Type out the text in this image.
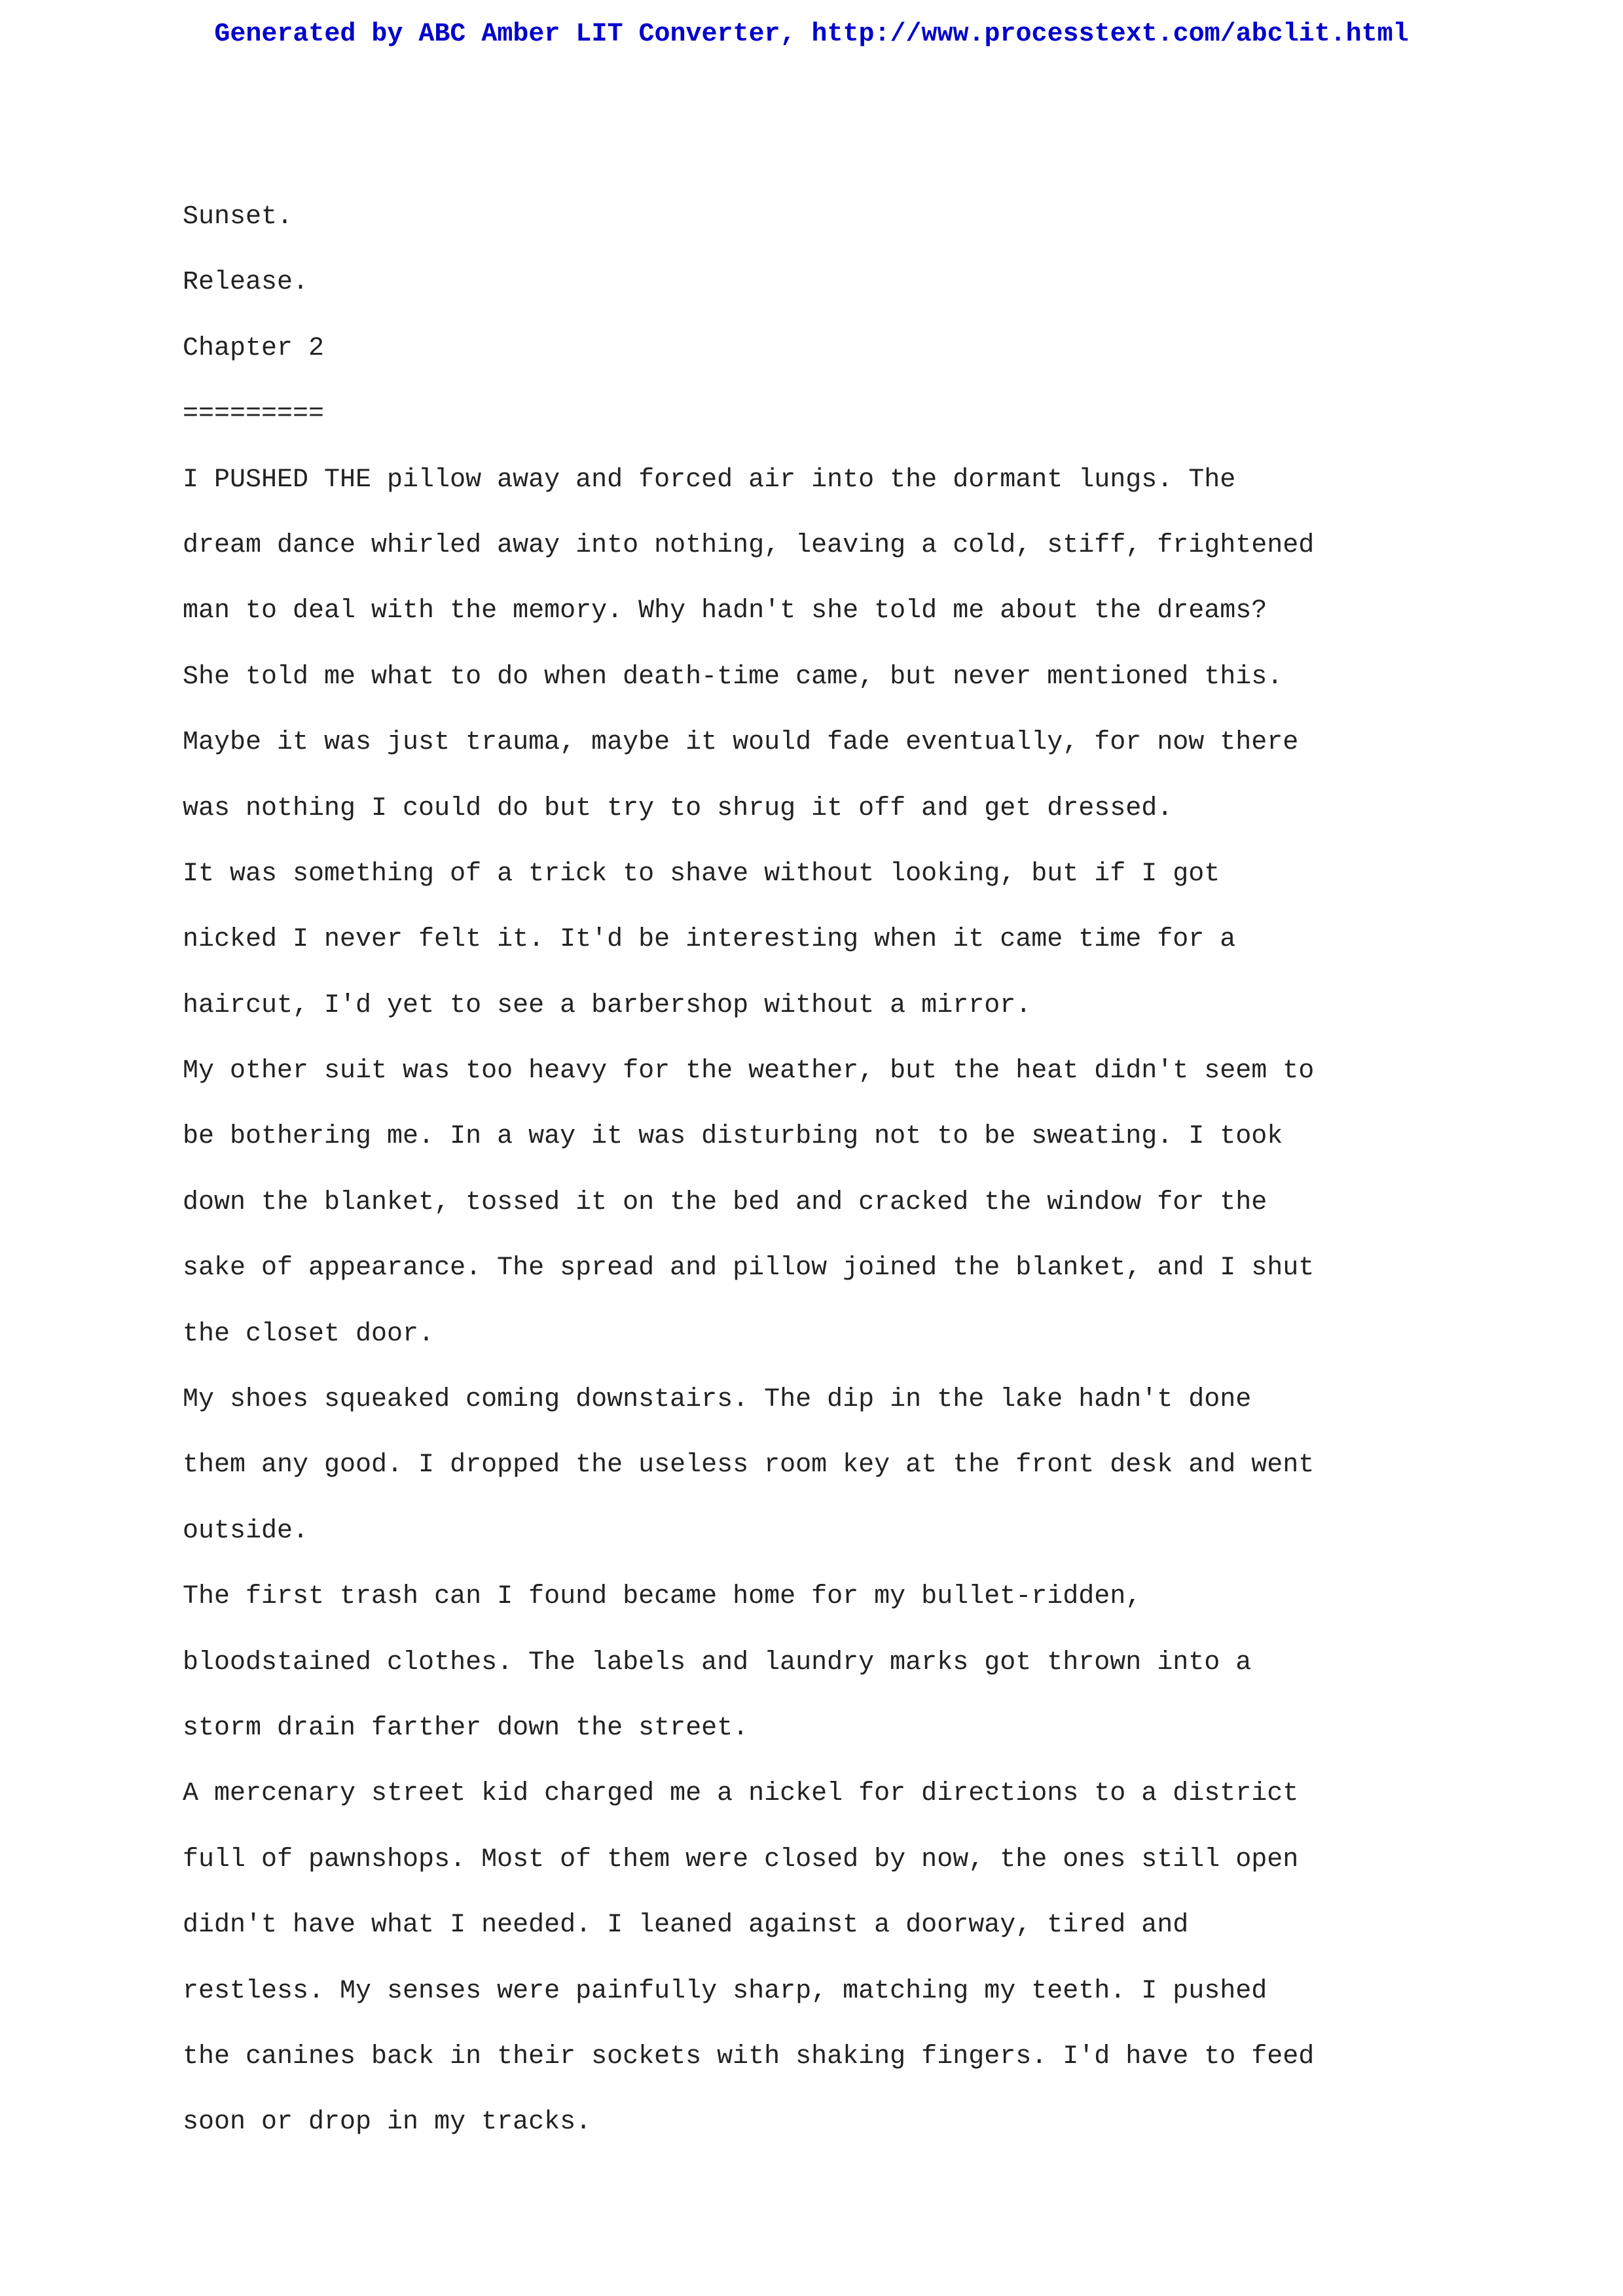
Generated by ABC Amber LIT Converter, http://www.processtext.com/abclit.html
Sunset.
Release.
Chapter 2
=========
I PUSHED THE pillow away and forced air into the dormant lungs. The
dream dance whirled away into nothing, leaving a cold, stiff, frightened
man to deal with the memory. Why hadn't she told me about the dreams?
She told me what to do when death-time came, but never mentioned this.
Maybe it was just trauma, maybe it would fade eventually, for now there
was nothing I could do but try to shrug it off and get dressed.
It was something of a trick to shave without looking, but if I got
nicked I never felt it. It'd be interesting when it came time for a
haircut, I'd yet to see a barbershop without a mirror.
My other suit was too heavy for the weather, but the heat didn't seem to
be bothering me. In a way it was disturbing not to be sweating. I took
down the blanket, tossed it on the bed and cracked the window for the
sake of appearance. The spread and pillow joined the blanket, and I shut
the closet door.
My shoes squeaked coming downstairs. The dip in the lake hadn't done
them any good. I dropped the useless room key at the front desk and went
outside.
The first trash can I found became home for my bullet-ridden,
bloodstained clothes. The labels and laundry marks got thrown into a
storm drain farther down the street.
A mercenary street kid charged me a nickel for directions to a district
full of pawnshops. Most of them were closed by now, the ones still open
didn't have what I needed. I leaned against a doorway, tired and
restless. My senses were painfully sharp, matching my teeth. I pushed
the canines back in their sockets with shaking fingers. I'd have to feed
soon or drop in my tracks.
